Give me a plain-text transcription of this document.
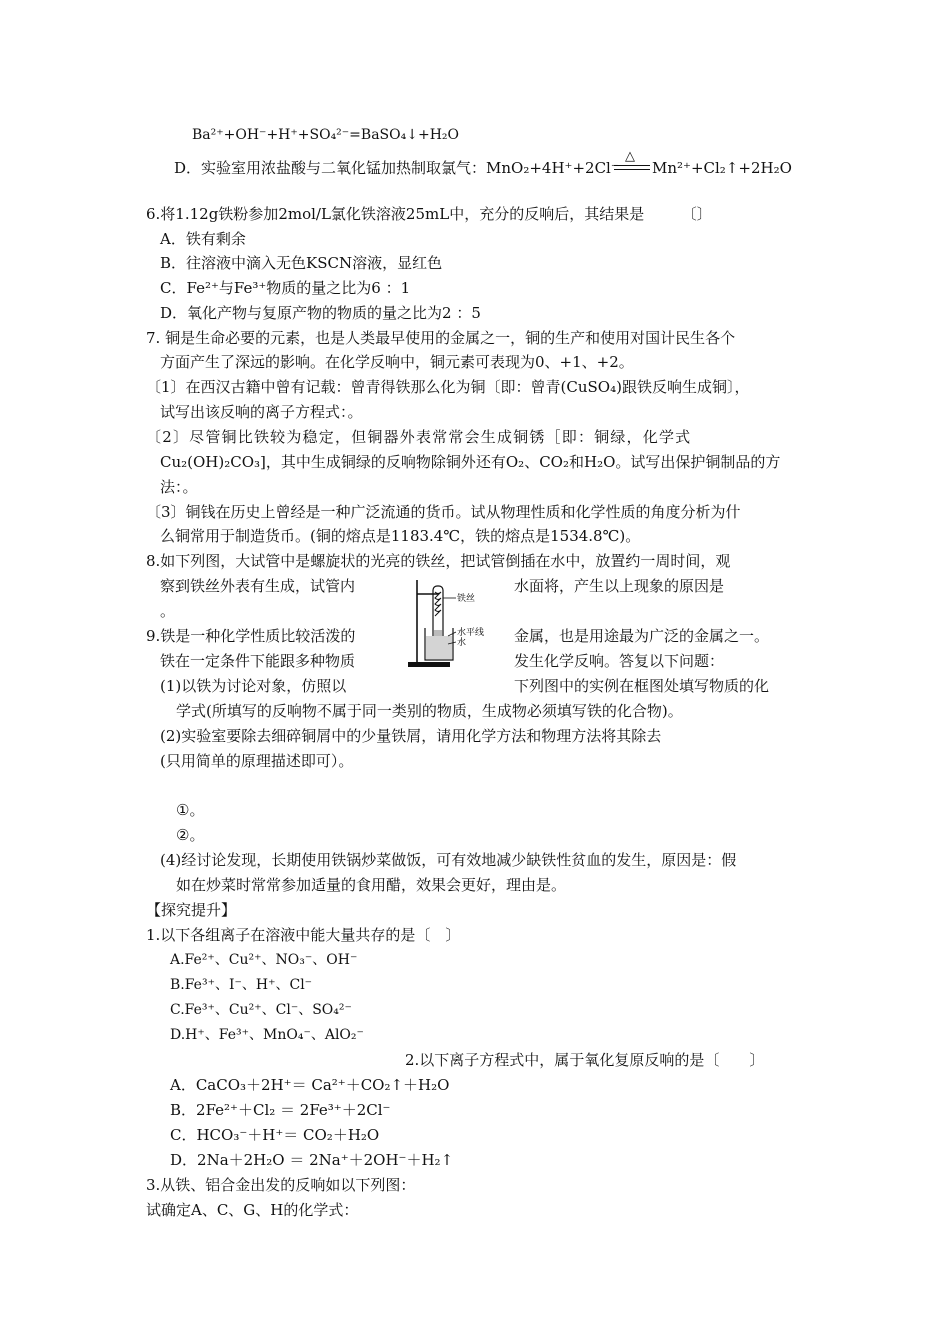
Ba²⁺+OH⁻+H⁺+SO₄²⁻=BaSO₄↓+H₂O
D．实验室用浓盐酸与二氧化锰加热制取氯气：MnO₂+4H⁺+2Cl⁻
△
Mn²⁺+Cl₂↑+2H₂O
6.将1.12g铁粉参加2mol/L氯化铁溶液25mL中，充分的反响后，其结果是　　　〔〕
A．铁有剩余
B．往溶液中滴入无色KSCN溶液，显红色
C．Fe²⁺与Fe³⁺物质的量之比为6 ：1
D．氧化产物与复原产物的物质的量之比为2 ：5
7. 铜是生命必要的元素，也是人类最早使用的金属之一，铜的生产和使用对国计民生各个
方面产生了深远的影响。在化学反响中，铜元素可表现为0、+1、+2。
〔1〕在西汉古籍中曾有记载：曾青得铁那么化为铜〔即：曾青(CuSO₄)跟铁反响生成铜〕，
试写出该反响的离子方程式：。
〔2〕尽管铜比铁较为稳定，但铜器外表常常会生成铜锈［即：铜绿，化学式
Cu₂(OH)₂CO₃]，其中生成铜绿的反响物除铜外还有O₂、CO₂和H₂O。试写出保护铜制品的方
法：。
〔3〕铜钱在历史上曾经是一种广泛流通的货币。试从物理性质和化学性质的角度分析为什
么铜常用于制造货币。(铜的熔点是1183.4℃，铁的熔点是1534.8℃)。
8.如下列图，大试管中是螺旋状的光亮的铁丝，把试管倒插在水中，放置约一周时间，观
察到铁丝外表有生成，试管内	水面将，产生以上现象的原因是
。
铁丝
水平线
水
9.铁是一种化学性质比较活泼的	金属，也是用途最为广泛的金属之一。
铁在一定条件下能跟多种物质	发生化学反响。答复以下问题：
(1)以铁为讨论对象，仿照以	下列图中的实例在框图处填写物质的化
学式(所填写的反响物不属于同一类别的物质，生成物必须填写铁的化合物)。
(2)实验室要除去细碎铜屑中的少量铁屑，请用化学方法和物理方法将其除去
(只用简单的原理描述即可）。
①。
②。
(4)经讨论发现，长期使用铁锅炒菜做饭，可有效地减少缺铁性贫血的发生，原因是：假
如在炒菜时常常参加适量的食用醋，效果会更好，理由是。
【探究提升】
1.以下各组离子在溶液中能大量共存的是〔　〕
A.Fe²⁺、Cu²⁺、NO₃⁻、OH⁻
B.Fe³⁺、I⁻、H⁺、Cl⁻
C.Fe³⁺、Cu²⁺、Cl⁻、SO₄²⁻
D.H⁺、Fe³⁺、MnO₄⁻、AlO₂⁻
2.以下离子方程式中，属于氧化复原反响的是〔　　〕
A．CaCO₃＋2H⁺＝ Ca²⁺＋CO₂↑＋H₂O
B．2Fe²⁺＋Cl₂ ＝ 2Fe³⁺＋2Cl⁻
C．HCO₃⁻＋H⁺＝ CO₂＋H₂O
D．2Na＋2H₂O ＝ 2Na⁺＋2OH⁻＋H₂↑
3.从铁、铝合金出发的反响如以下列图：
试确定A、C、G、H的化学式：
